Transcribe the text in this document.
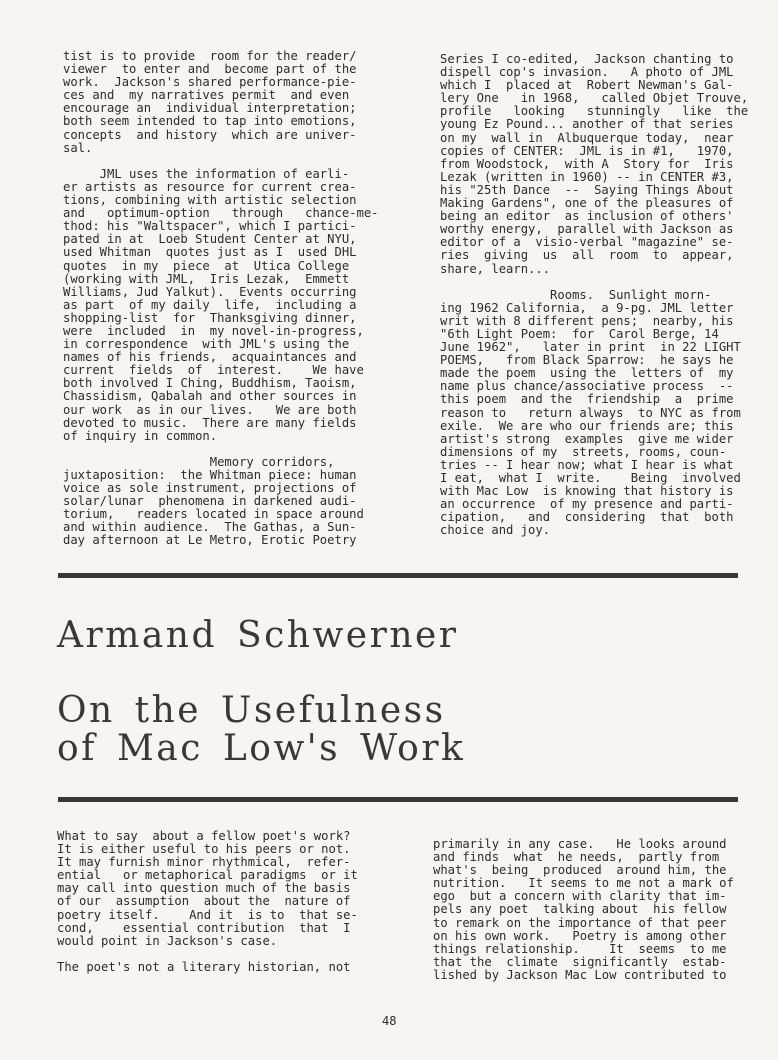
tist is to provide  room for the reader/
viewer  to enter and  become part of the
work.  Jackson's shared performance-pie-
ces and  my narratives permit  and even
encourage an  individual interpretation;
both seem intended to tap into emotions,
concepts  and history  which are univer-
sal.
JML uses the information of earli-
er artists as resource for current crea-
tions, combining with artistic selection
and   optimum-option   through   chance-me-
thod: his "Waltspacer", which I partici-
pated in at  Loeb Student Center at NYU,
used Whitman  quotes just as I  used DHL
quotes  in my  piece  at  Utica College
(working with JML,  Iris Lezak,  Emmett
Williams, Jud Yalkut).  Events occurring
as part  of my daily  life,  including a
shopping-list  for  Thanksgiving dinner,
were  included  in  my novel-in-progress,
in correspondence  with JML's using the
names of his friends,  acquaintances and
current  fields  of  interest.    We have
both involved I Ching, Buddhism, Taoism,
Chassidism, Qabalah and other sources in
our work  as in our lives.   We are both
devoted to music.  There are many fields
of inquiry in common.
Memory corridors,
juxtaposition:  the Whitman piece: human
voice as sole instrument, projections of
solar/lunar  phenomena in darkened audi-
torium,   readers located in space around
and within audience.  The Gathas, a Sun-
day afternoon at Le Metro, Erotic Poetry
Series I co-edited,  Jackson chanting to
dispell cop's invasion.   A photo of JML
which I  placed at  Robert Newman's Gal-
lery One   in 1968,   called Objet Trouve,
profile   looking   stunningly   like  the
young Ez Pound... another of that series
on my  wall in  Albuquerque today,  near
copies of CENTER:  JML is in #1,   1970,
from Woodstock,  with A  Story for  Iris
Lezak (written in 1960) -- in CENTER #3,
his "25th Dance  --  Saying Things About
Making Gardens", one of the pleasures of
being an editor  as inclusion of others'
worthy energy,  parallel with Jackson as
editor of a  visio-verbal "magazine" se-
ries  giving  us  all  room  to  appear,
share, learn...
Rooms.  Sunlight morn-
ing 1962 California,  a 9-pg. JML letter
writ with 8 different pens;  nearby, his
"6th Light Poem:  for  Carol Berge, 14
June 1962",   later in print  in 22 LIGHT
POEMS,   from Black Sparrow:  he says he
made the poem  using the  letters of  my
name plus chance/associative process  --
this poem  and the  friendship  a  prime
reason to   return always  to NYC as from
exile.  We are who our friends are; this
artist's strong  examples  give me wider
dimensions of my  streets, rooms, coun-
tries -- I hear now; what I hear is what
I eat,  what I  write.    Being  involved
with Mac Low  is knowing that history is
an occurrence  of my presence and parti-
cipation,   and  considering  that  both
choice and joy.
Armand Schwerner
On the Usefulness
of Mac Low's Work
What to say  about a fellow poet's work?
It is either useful to his peers or not.
It may furnish minor rhythmical,  refer-
ential   or metaphorical paradigms  or it
may call into question much of the basis
of our  assumption  about the  nature of
poetry itself.    And it  is to  that se-
cond,    essential contribution  that  I
would point in Jackson's case.
The poet's not a literary historian, not
primarily in any case.   He looks around
and finds  what  he needs,  partly from
what's  being  produced  around him, the
nutrition.   It seems to me not a mark of
ego  but a concern with clarity that im-
pels any poet  talking about  his fellow
to remark on the importance of that peer
on his own work.   Poetry is among other
things relationship.    It  seems  to me
that the  climate  significantly  estab-
lished by Jackson Mac Low contributed to
48
